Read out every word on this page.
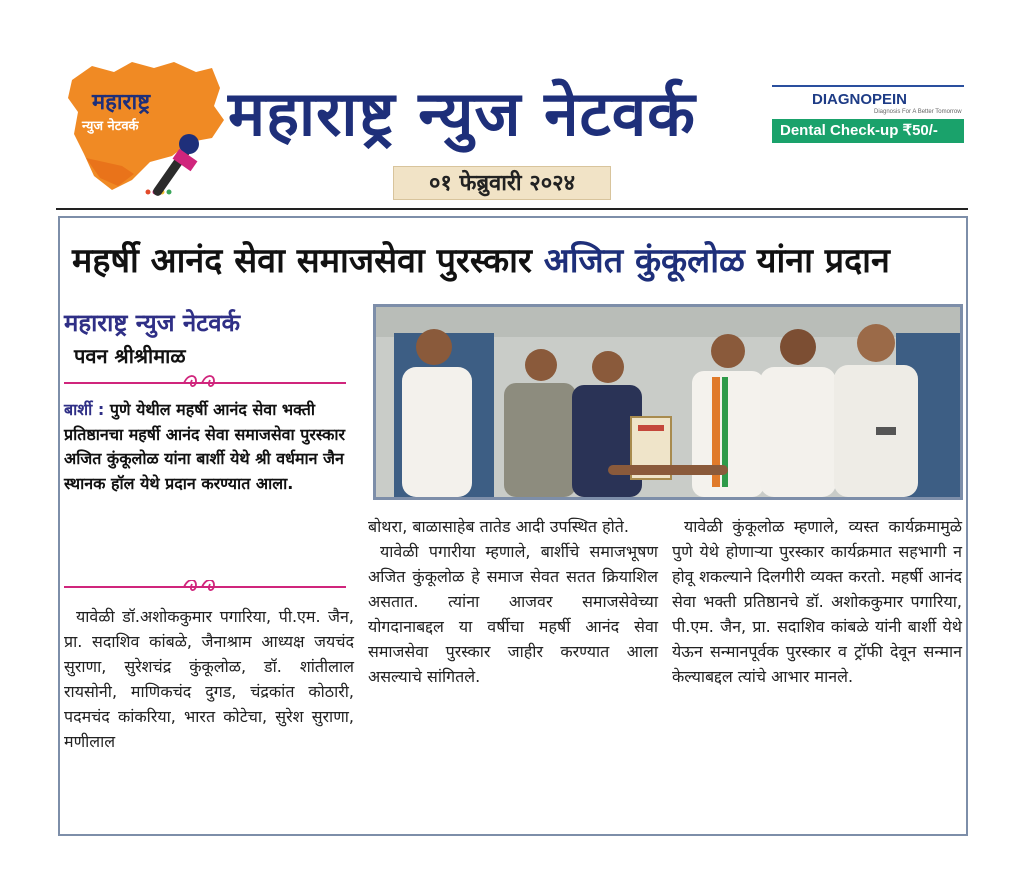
महाराष्ट्र
न्युज नेटवर्क महाराष्ट्र न्युज नेटवर्क
०१ फेब्रुवारी २०२४
DIAGNOPEIN
Diagnosis For A Better Tomorrow
Dental Check-up ₹50/-
महर्षी आनंद सेवा समाजसेवा पुरस्कार अजित कुंकूलोळ यांना प्रदान
महाराष्ट्र न्युज नेटवर्क
पवन श्रीश्रीमाळ
बार्शी : पुणे येथील महर्षी आनंद सेवा भक्ती प्रतिष्ठानचा महर्षी आनंद सेवा समाजसेवा पुरस्कार अजित कुंकूलोळ यांना बार्शी येथे श्री वर्धमान जैन स्थानक हॉल येथे प्रदान करण्यात आला.

यावेळी डॉ.अशोककुमार पगारिया, पी.एम. जैन, प्रा. सदाशिव कांबळे, जैनाश्राम आध्यक्ष जयचंद सुराणा, सुरेशचंद्र कुंकूलोळ, डॉ. शांतीलाल रायसोनी, माणिकचंद दुगड, चंद्रकांत कोठारी, पदमचंद कांकरिया, भारत कोटेचा, सुरेश सुराणा, मणीलाल

बोथरा, बाळासाहेब तातेड आदी उपस्थित होते.

यावेळी पगारीया म्हणाले, बार्शीचे समाजभूषण अजित कुंकूलोळ हे समाज सेवत सतत क्रियाशिल असतात. त्यांना आजवर समाजसेवेच्या योगदानाबद्दल या वर्षीचा महर्षी आनंद सेवा समाजसेवा पुरस्कार जाहीर करण्यात आला असल्याचे सांगितले.

यावेळी कुंकूलोळ म्हणाले, व्यस्त कार्यक्रमामुळे पुणे येथे होणाऱ्या पुरस्कार कार्यक्रमात सहभागी न होवू शकल्याने दिलगीरी व्यक्त करतो. महर्षी आनंद सेवा भक्ती प्रतिष्ठानचे डॉ. अशोककुमार पगारिया, पी.एम. जैन, प्रा. सदाशिव कांबळे यांनी बार्शी येथे येऊन सन्मानपूर्वक पुरस्कार व ट्रॉफी देवून सन्मान केल्याबद्दल त्यांचे आभार मानले.
